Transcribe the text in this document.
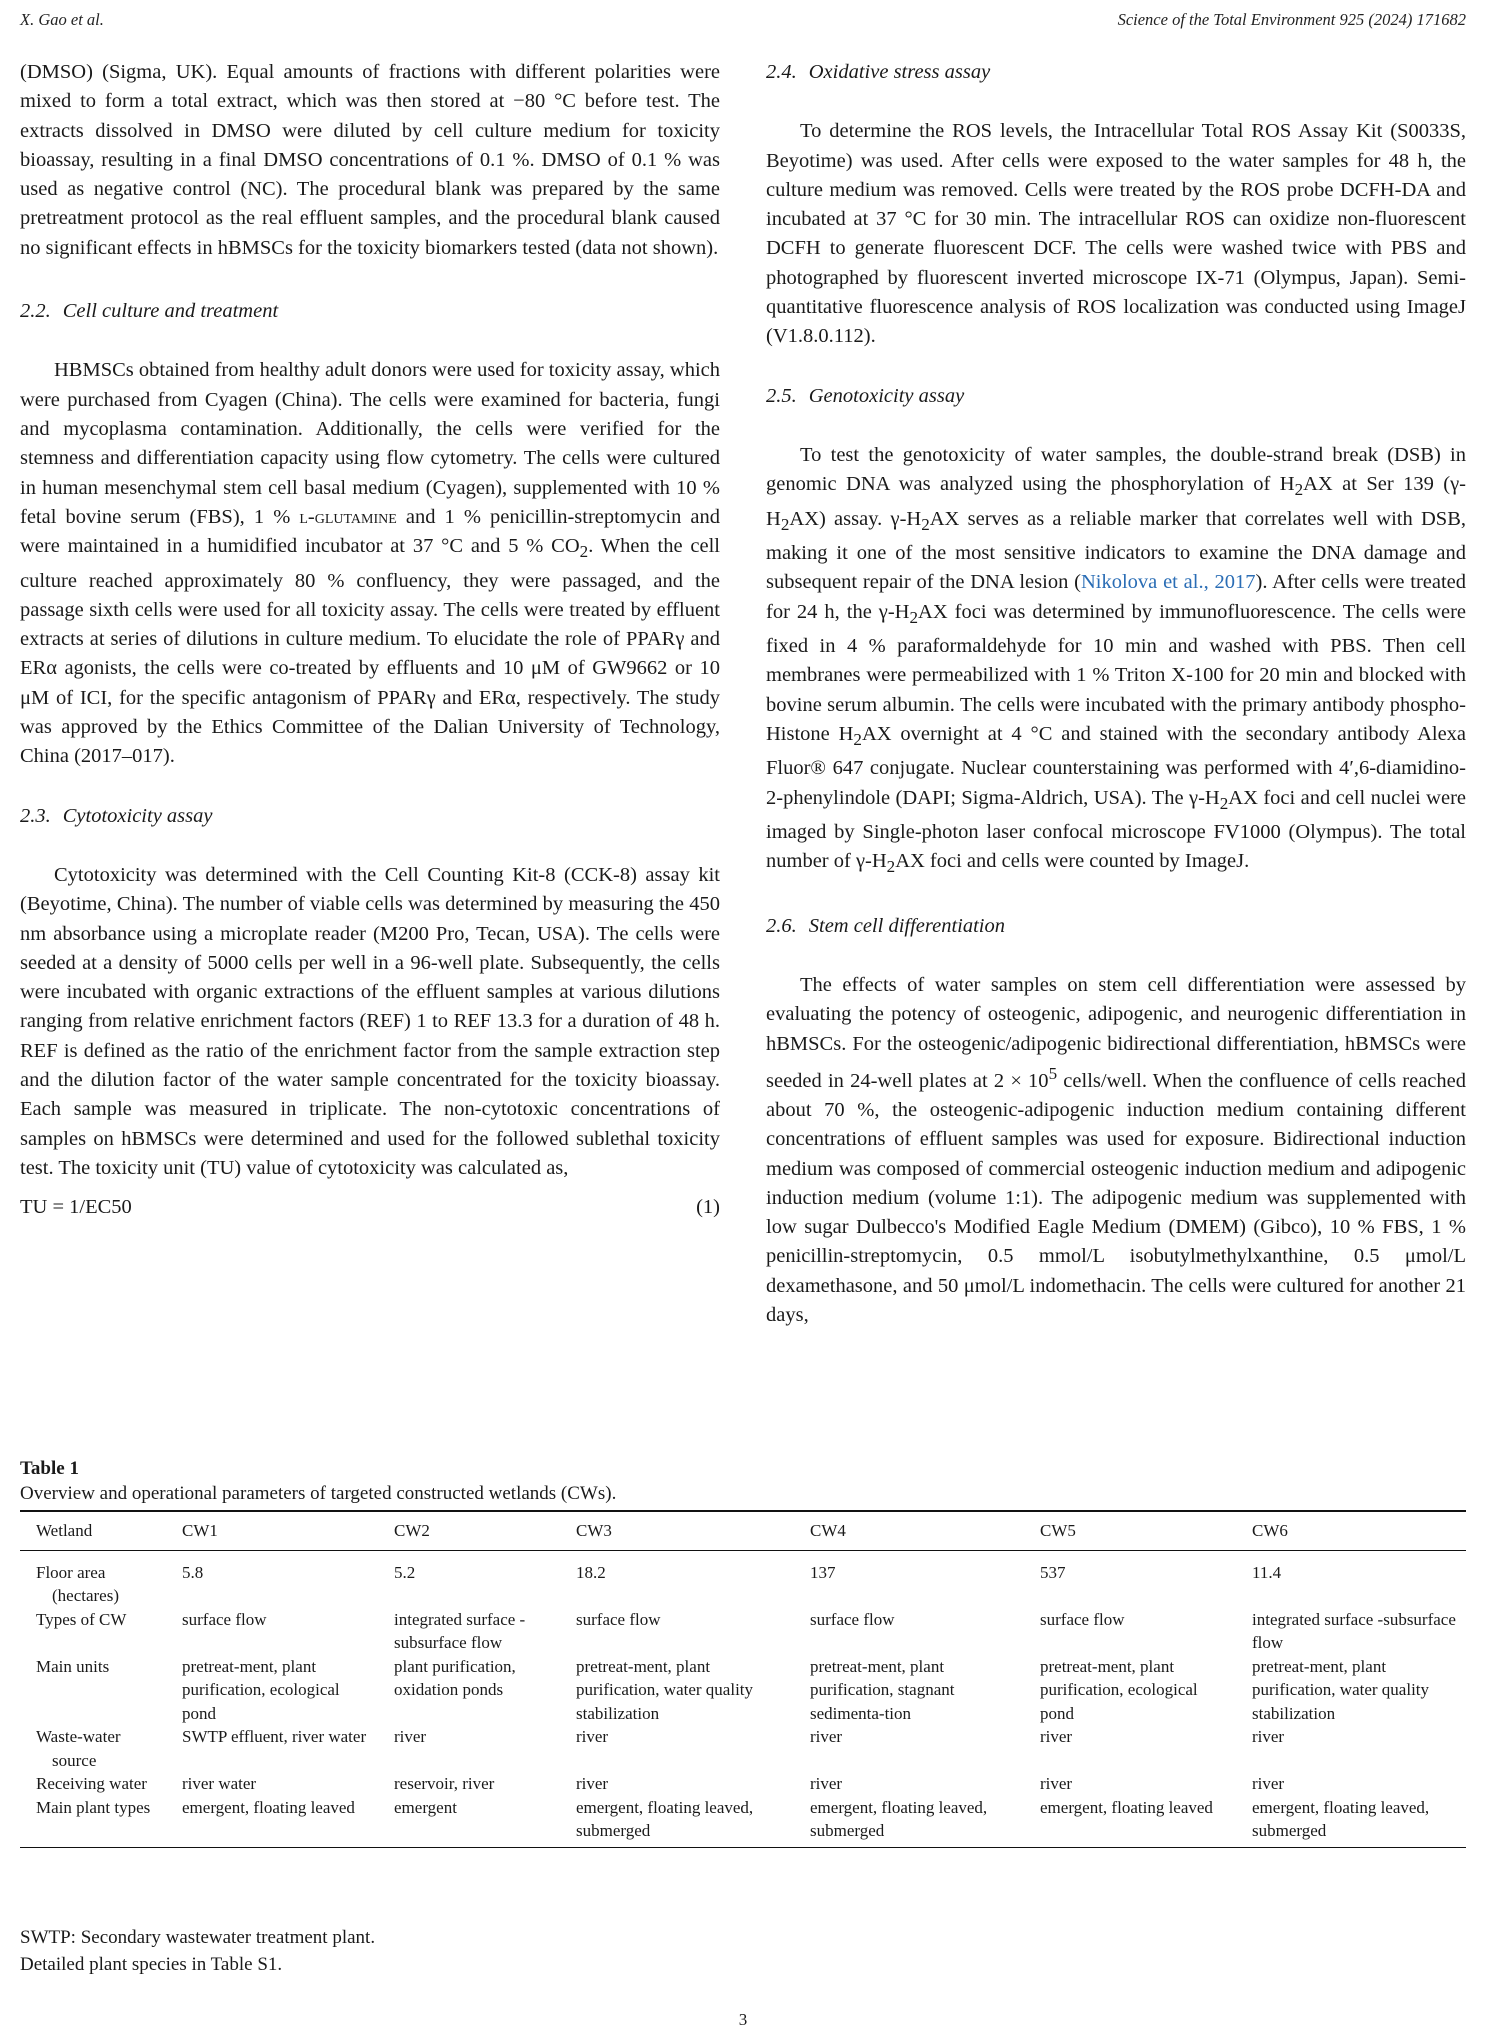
X. Gao et al.	Science of the Total Environment 925 (2024) 171682

(DMSO) (Sigma, UK). Equal amounts of fractions with different polarities were mixed to form a total extract, which was then stored at −80 °C before test. The extracts dissolved in DMSO were diluted by cell culture medium for toxicity bioassay, resulting in a final DMSO concentrations of 0.1 %. DMSO of 0.1 % was used as negative control (NC). The procedural blank was prepared by the same pretreatment protocol as the real effluent samples, and the procedural blank caused no significant effects in hBMSCs for the toxicity biomarkers tested (data not shown).

2.2. Cell culture and treatment

HBMSCs obtained from healthy adult donors were used for toxicity assay, which were purchased from Cyagen (China). The cells were examined for bacteria, fungi and mycoplasma contamination. Additionally, the cells were verified for the stemness and differentiation capacity using flow cytometry. The cells were cultured in human mesenchymal stem cell basal medium (Cyagen), supplemented with 10 % fetal bovine serum (FBS), 1 % l-glutamine and 1 % penicillin-streptomycin and were maintained in a humidified incubator at 37 °C and 5 % $CO_2$. When the cell culture reached approximately 80 % confluency, they were passaged, and the passage sixth cells were used for all toxicity assay. The cells were treated by effluent extracts at series of dilutions in culture medium. To elucidate the role of PPARγ and ERα agonists, the cells were co-treated by effluents and 10 μM of GW9662 or 10 μM of ICI, for the specific antagonism of PPARγ and ERα, respectively. The study was approved by the Ethics Committee of the Dalian University of Technology, China (2017–017).

2.3. Cytotoxicity assay

Cytotoxicity was determined with the Cell Counting Kit-8 (CCK-8) assay kit (Beyotime, China). The number of viable cells was determined by measuring the 450 nm absorbance using a microplate reader (M200 Pro, Tecan, USA). The cells were seeded at a density of 5000 cells per well in a 96-well plate. Subsequently, the cells were incubated with organic extractions of the effluent samples at various dilutions ranging from relative enrichment factors (REF) 1 to REF 13.3 for a duration of 48 h. REF is defined as the ratio of the enrichment factor from the sample extraction step and the dilution factor of the water sample concentrated for the toxicity bioassay. Each sample was measured in triplicate. The non-cytotoxic concentrations of samples on hBMSCs were determined and used for the followed sublethal toxicity test. The toxicity unit (TU) value of cytotoxicity was calculated as,

TU = 1/EC50	(1)
2.4. Oxidative stress assay

To determine the ROS levels, the Intracellular Total ROS Assay Kit (S0033S, Beyotime) was used. After cells were exposed to the water samples for 48 h, the culture medium was removed. Cells were treated by the ROS probe DCFH-DA and incubated at 37 °C for 30 min. The intracellular ROS can oxidize non-fluorescent DCFH to generate fluorescent DCF. The cells were washed twice with PBS and photographed by fluorescent inverted microscope IX-71 (Olympus, Japan). Semi-quantitative fluorescence analysis of ROS localization was conducted using ImageJ (V1.8.0.112).

2.5. Genotoxicity assay

To test the genotoxicity of water samples, the double-strand break (DSB) in genomic DNA was analyzed using the phosphorylation of $H_2AX$ at Ser 139 $(\gamma-H_2AX)$ assay. $\gamma-H_2AX$ serves as a reliable marker that correlates well with DSB, making it one of the most sensitive indicators to examine the DNA damage and subsequent repair of the DNA lesion (Nikolova et al., 2017). After cells were treated for 24 h, the $\gamma-H_2AX$ foci was determined by immunofluorescence. The cells were fixed in 4 % paraformaldehyde for 10 min and washed with PBS. Then cell membranes were permeabilized with 1 % Triton X-100 for 20 min and blocked with bovine serum albumin. The cells were incubated with the primary antibody phospho-Histone $H_2AX$ overnight at 4 °C and stained with the secondary antibody Alexa Fluor® 647 conjugate. Nuclear counterstaining was performed with 4′,6-diamidino-2-phenylindole (DAPI; Sigma-Aldrich, USA). The $\gamma-H_2AX$ foci and cell nuclei were imaged by Single-photon laser confocal microscope FV1000 (Olympus). The total number of $\gamma-H_2AX$ foci and cells were counted by ImageJ.

2.6. Stem cell differentiation

The effects of water samples on stem cell differentiation were assessed by evaluating the potency of osteogenic, adipogenic, and neurogenic differentiation in hBMSCs. For the osteogenic/adipogenic bidirectional differentiation, hBMSCs were seeded in 24-well plates at $2 \times 10^5$ cells/well. When the confluence of cells reached about 70 %, the osteogenic-adipogenic induction medium containing different concentrations of effluent samples was used for exposure. Bidirectional induction medium was composed of commercial osteogenic induction medium and adipogenic induction medium (volume 1:1). The adipogenic medium was supplemented with low sugar Dulbecco's Modified Eagle Medium (DMEM) (Gibco), 10 % FBS, 1 % penicillin-streptomycin, 0.5 mmol/L isobutylmethylxanthine, 0.5 μmol/L dexamethasone, and 50 μmol/L indomethacin. The cells were cultured for another 21 days,

Table 1
Overview and operational parameters of targeted constructed wetlands (CWs).
Wetland	CW1	CW2	CW3	CW4	CW5	CW6

Floor area (hectares)	5.8	5.2	18.2	137	537	11.4

Types of CW	surface flow	integrated surface -subsurface flow	surface flow	surface flow	surface flow	integrated surface -subsurface flow

Main units	pretreat-ment, plant purification, ecological pond	plant purification, oxidation ponds	pretreat-ment, plant purification, water quality stabilization	pretreat-ment, plant purification, stagnant sedimenta-tion	pretreat-ment, plant purification, ecological pond	pretreat-ment, plant purification, water quality stabilization

Waste-water source	SWTP effluent, river water	river	river	river	river	river

Receiving water	river water	reservoir, river	river	river	river	river

Main plant types	emergent, floating leaved	emergent	emergent, floating leaved, submerged	emergent, floating leaved, submerged	emergent, floating leaved	emergent, floating leaved, submerged
SWTP: Secondary wastewater treatment plant.
Detailed plant species in Table S1.
3
